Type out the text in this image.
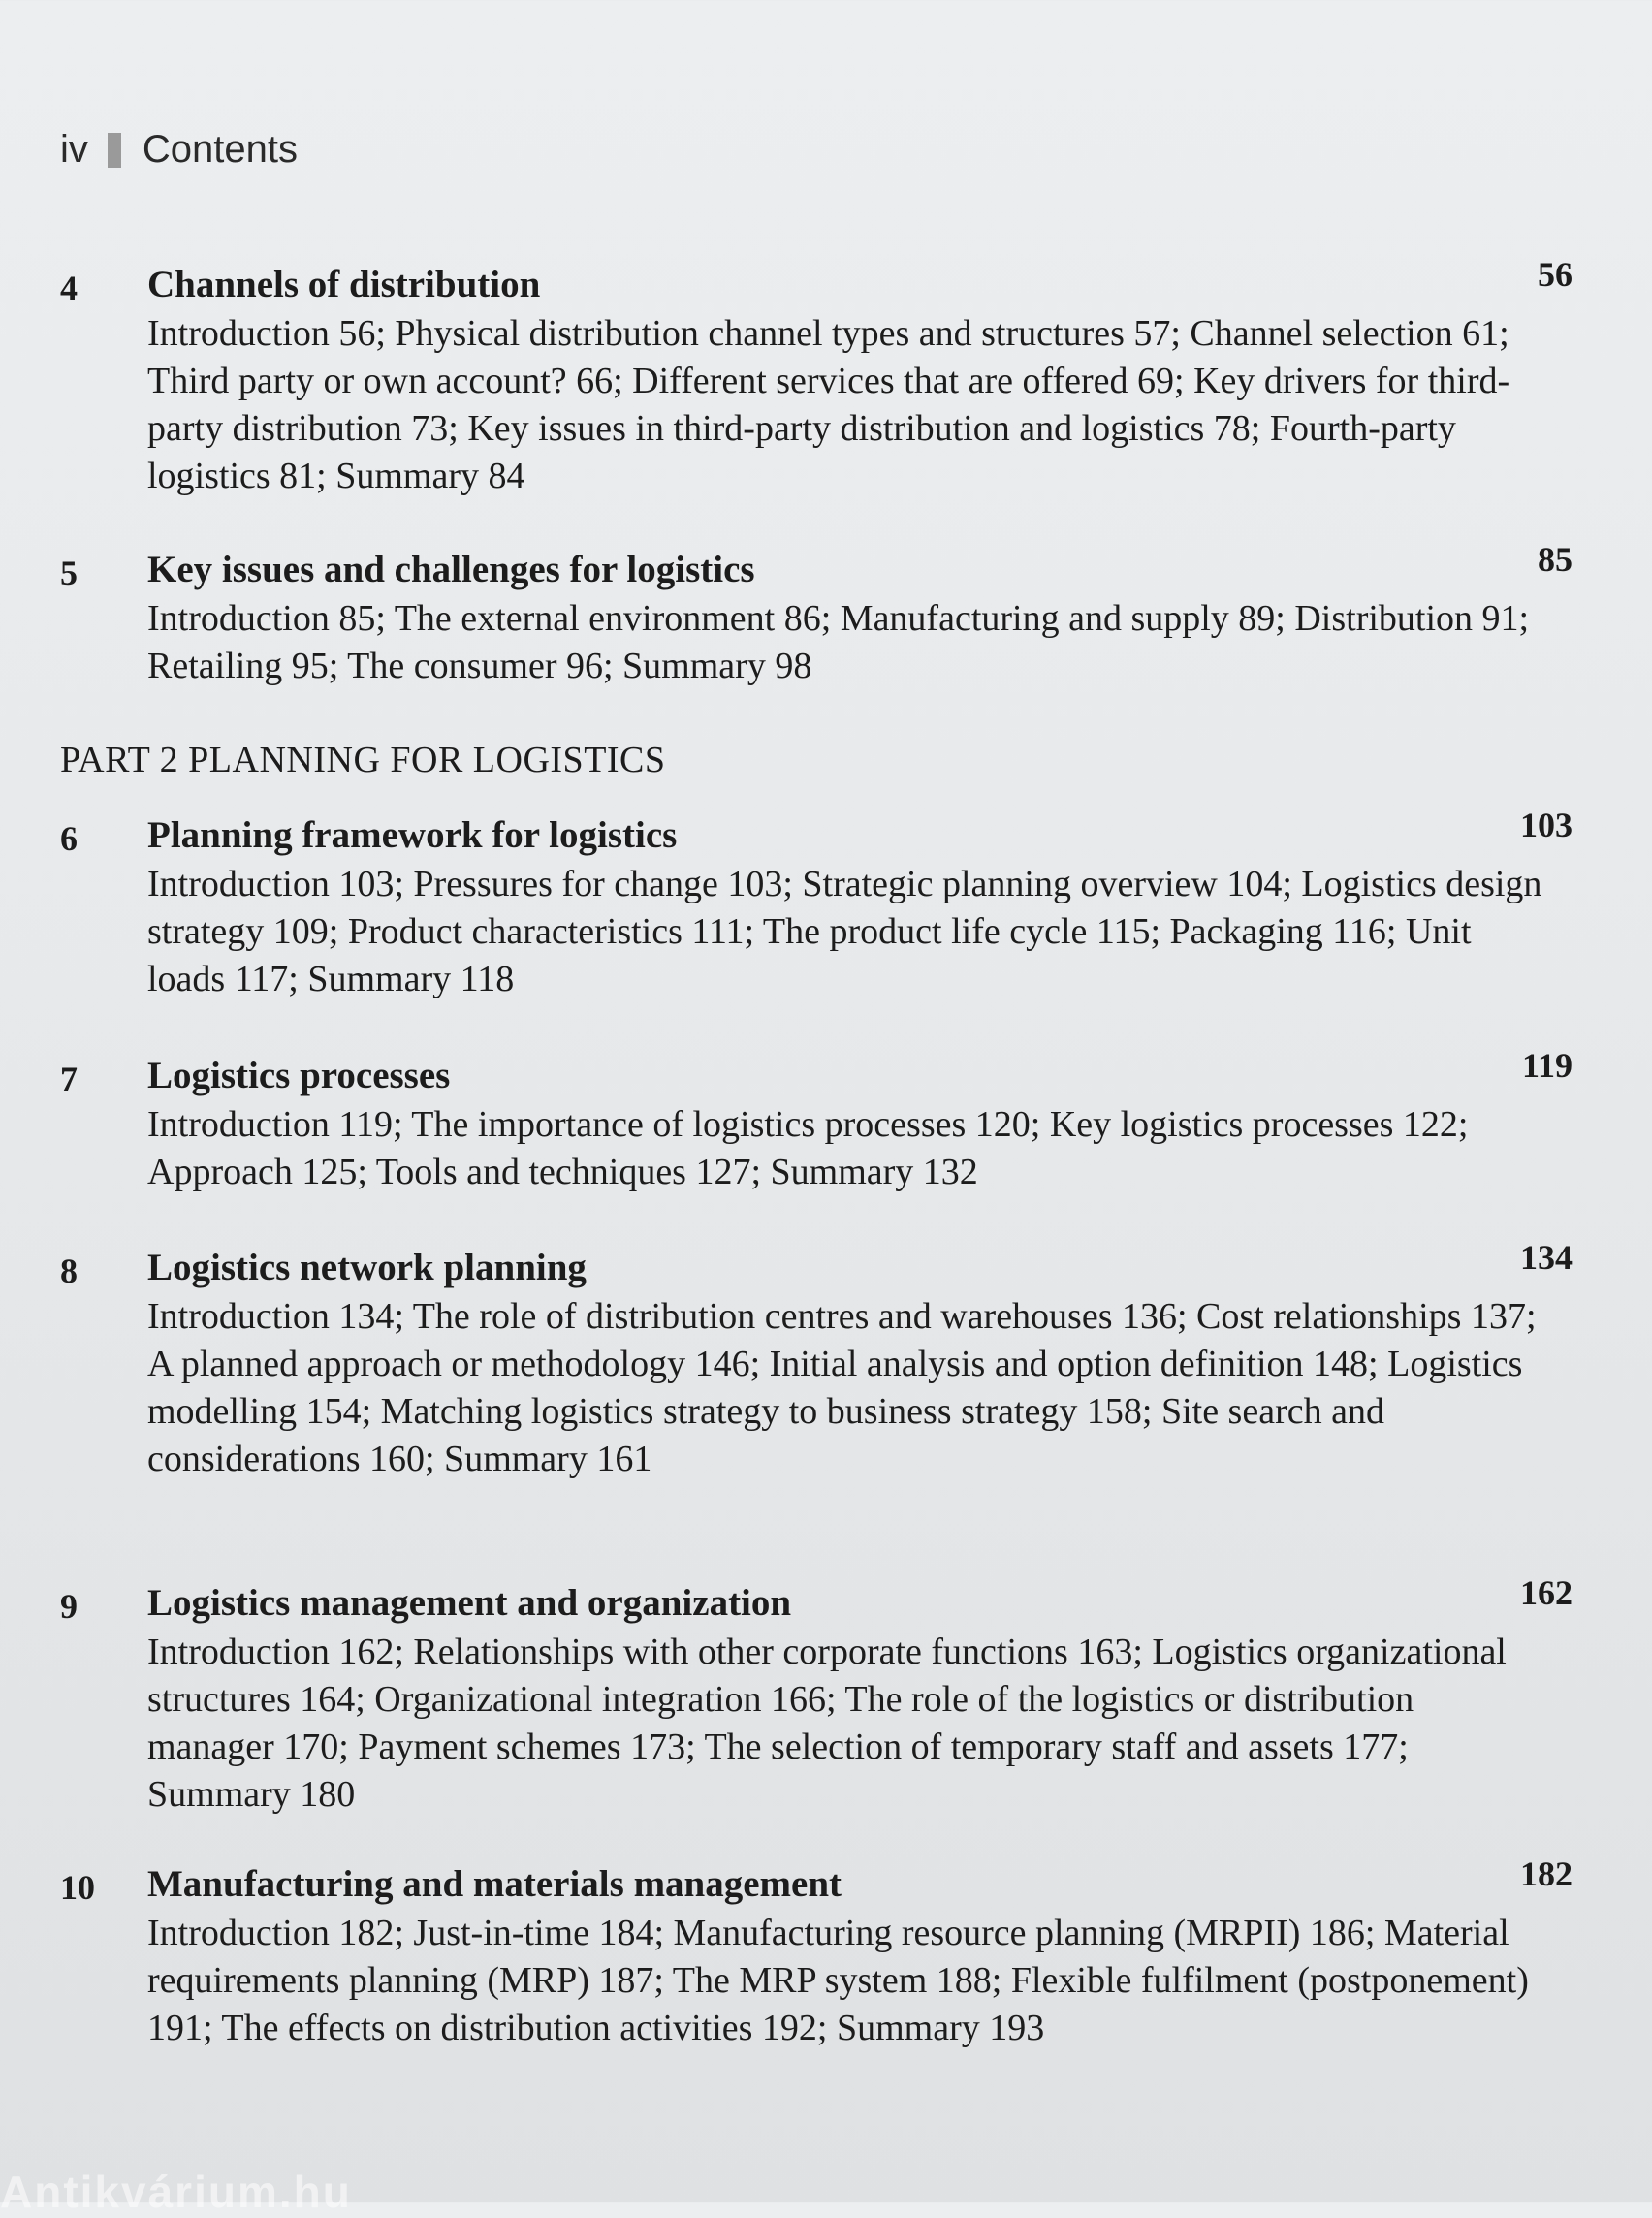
iv Contents
4 Channels of distribution	56
Introduction 56; Physical distribution channel types and structures 57; Channel selection 61; Third party or own account? 66; Different services that are offered 69; Key drivers for third-party distribution 73; Key issues in third-party distribution and logistics 78; Fourth-party logistics 81; Summary 84
5 Key issues and challenges for logistics	85
Introduction 85; The external environment 86; Manufacturing and supply 89; Distribution 91; Retailing 95; The consumer 96; Summary 98
PART 2 PLANNING FOR LOGISTICS
6 Planning framework for logistics	103
Introduction 103; Pressures for change 103; Strategic planning overview 104; Logistics design strategy 109; Product characteristics 111; The product life cycle 115; Packaging 116; Unit loads 117; Summary 118
7 Logistics processes	119
Introduction 119; The importance of logistics processes 120; Key logistics processes 122; Approach 125; Tools and techniques 127; Summary 132
8 Logistics network planning	134
Introduction 134; The role of distribution centres and warehouses 136; Cost relationships 137; A planned approach or methodology 146; Initial analysis and option definition 148; Logistics modelling 154; Matching logistics strategy to business strategy 158; Site search and considerations 160; Summary 161
9 Logistics management and organization	162
Introduction 162; Relationships with other corporate functions 163; Logistics organizational structures 164; Organizational integration 166; The role of the logistics or distribution manager 170; Payment schemes 173; The selection of temporary staff and assets 177; Summary 180
10 Manufacturing and materials management	182
Introduction 182; Just-in-time 184; Manufacturing resource planning (MRPII) 186; Material requirements planning (MRP) 187; The MRP system 188; Flexible fulfilment (postponement) 191; The effects on distribution activities 192; Summary 193
Antikvárium.hu
